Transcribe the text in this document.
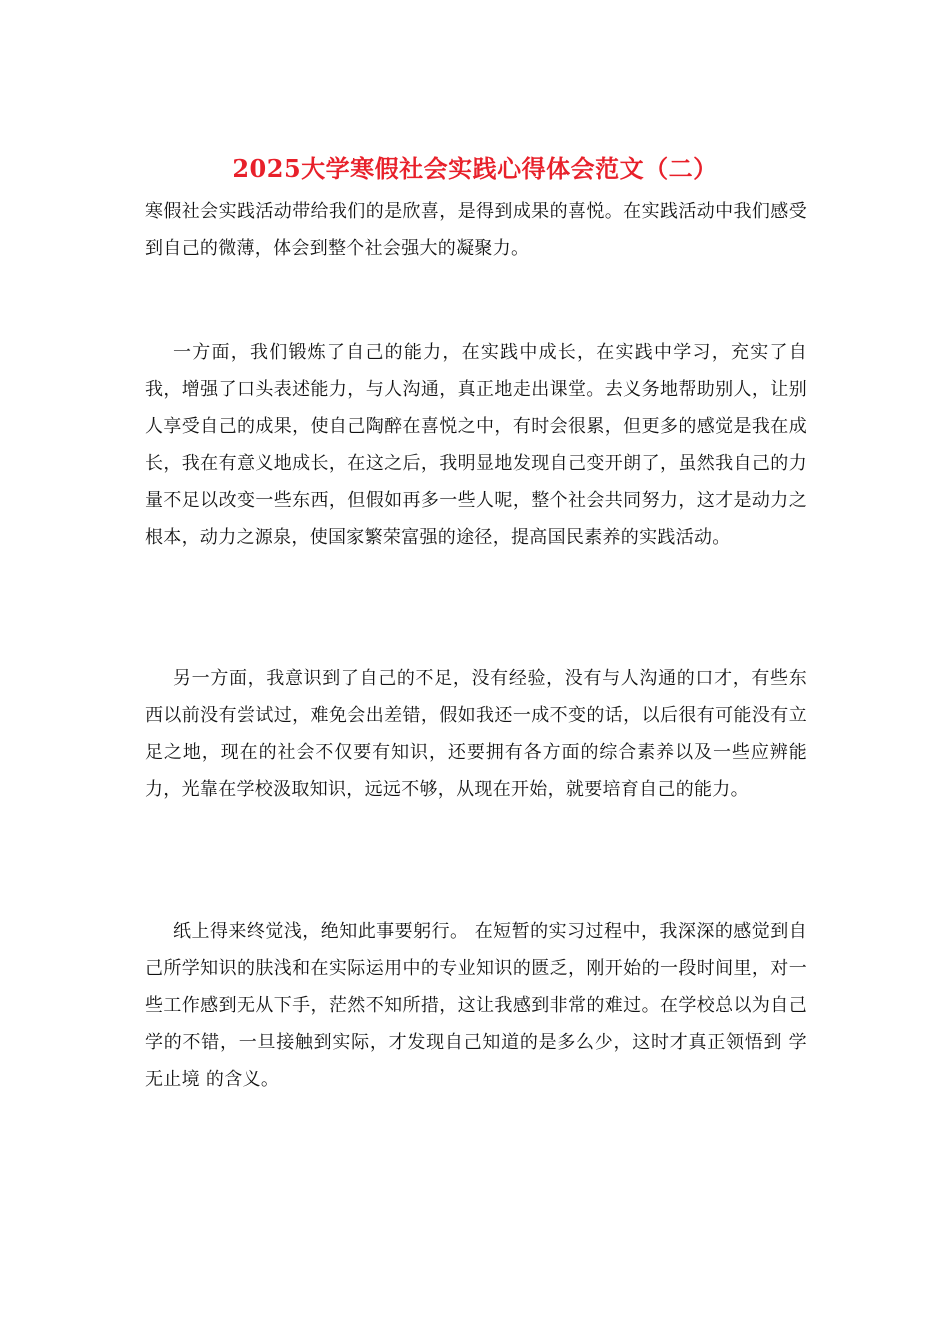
2025大学寒假社会实践心得体会范文（二）

寒假社会实践活动带给我们的是欣喜，是得到成果的喜悦。在实践活动中我们感受到自己的微薄，体会到整个社会强大的凝聚力。

一方面，我们锻炼了自己的能力，在实践中成长，在实践中学习，充实了自我，增强了口头表述能力，与人沟通，真正地走出课堂。去义务地帮助别人，让别人享受自己的成果，使自己陶醉在喜悦之中，有时会很累，但更多的感觉是我在成长，我在有意义地成长，在这之后，我明显地发现自己变开朗了，虽然我自己的力量不足以改变一些东西，但假如再多一些人呢，整个社会共同努力，这才是动力之根本，动力之源泉，使国家繁荣富强的途径，提高国民素养的实践活动。

另一方面，我意识到了自己的不足，没有经验，没有与人沟通的口才，有些东西以前没有尝试过，难免会出差错，假如我还一成不变的话，以后很有可能没有立足之地，现在的社会不仅要有知识，还要拥有各方面的综合素养以及一些应辨能力，光靠在学校汲取知识，远远不够，从现在开始，就要培育自己的能力。

纸上得来终觉浅，绝知此事要躬行。 在短暂的实习过程中，我深深的感觉到自己所学知识的肤浅和在实际运用中的专业知识的匮乏，刚开始的一段时间里，对一些工作感到无从下手，茫然不知所措，这让我感到非常的难过。在学校总以为自己学的不错，一旦接触到实际，才发现自己知道的是多么少，这时才真正领悟到 学无止境 的含义。
